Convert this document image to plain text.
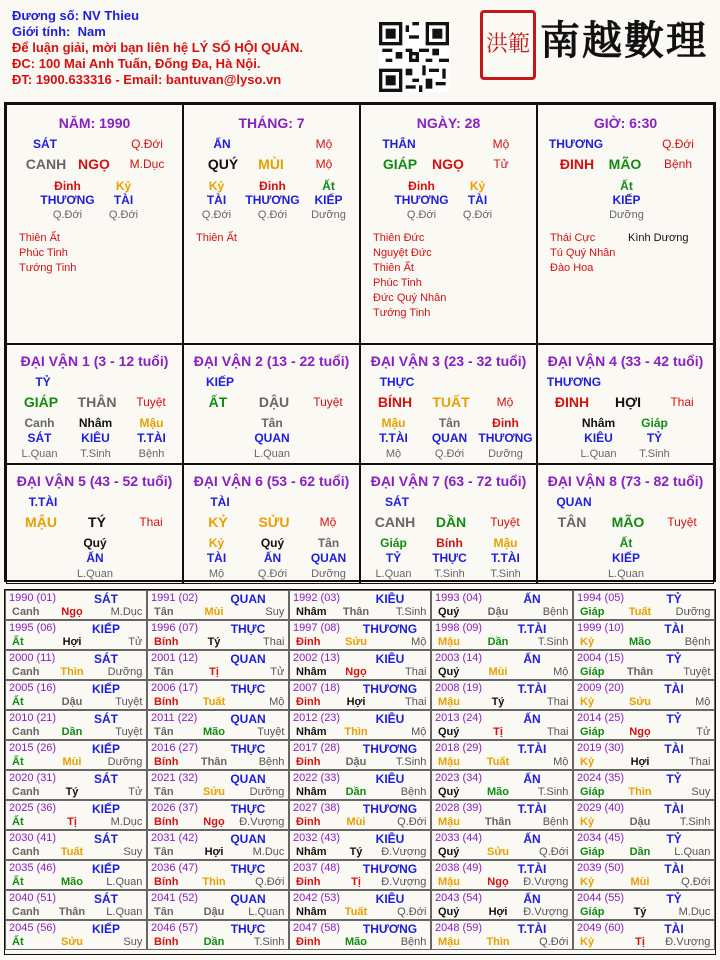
Đương số: NV Thieu
Giới tính: Nam
Để luận giải, mời bạn liên hệ LÝ SỐ HỘI QUÁN.
ĐC: 100 Mai Anh Tuấn, Đống Đa, Hà Nội.
ĐT: 1900.633316 - Email: bantuvan@lyso.vn
洪範 南越數理
NĂM: 1990
SÁT	Q.Đới
CANH NGỌ	M.Dục
Đinh
THƯƠNG
Q.Đới
Kỷ
TÀI
Q.Đới
Thiên Ất
Phúc Tinh
Tướng Tinh
THÁNG: 7
ẤN	Mộ
QUÝ	MÙI	Mộ
Kỷ
TÀI
Q.Đới
Đinh
THƯƠNG
Q.Đới
Ất
KIẾP
Dưỡng
Thiên Ất
NGÀY: 28
THÂN	Mộ
GIÁP	NGỌ	Tử
Đinh
THƯƠNG
Q.Đới
Kỷ
TÀI
Q.Đới
Thiên Đức
Nguyệt Đức
Thiên Ất
Phúc Tinh
Đức Quý Nhân
Tướng Tinh
GIỜ: 6:30
THƯƠNG	Q.Đới
ĐINH	MÃO	Bệnh
Ất
KIẾP
Dưỡng
Thái Cực
Tú Quý Nhân
Đào Hoa
Kình Dương
ĐẠI VẬN 1 (3 - 12 tuổi)
TỶ
GIÁP	THÂN	Tuyệt
Canh
SÁT
L.Quan
Nhâm
KIÊU
T.Sinh
Mậu
T.TÀI
Bệnh
ĐẠI VẬN 2 (13 - 22 tuổi)
KIẾP
ẤT	DẬU	Tuyệt
Tân
QUAN
L.Quan
ĐẠI VẬN 3 (23 - 32 tuổi)
THỰC
BÍNH	TUẤT	Mộ
Mậu
T.TÀI
Mộ
Tân
QUAN
Q.Đới
Đinh
THƯƠNG
Dưỡng
ĐẠI VẬN 4 (33 - 42 tuổi)
THƯƠNG
ĐINH	HỢI	Thai
Nhâm
KIÊU
L.Quan
Giáp
TỶ
T.Sinh
ĐẠI VẬN 5 (43 - 52 tuổi)
T.TÀI
MẬU	TÝ	Thai
Quý
ẤN
L.Quan
ĐẠI VẬN 6 (53 - 62 tuổi)
TÀI
KỶ	SỬU	Mộ
Kỷ
TÀI
Mộ
Quý
ẤN
Q.Đới
Tân
QUAN
Dưỡng
ĐẠI VẬN 7 (63 - 72 tuổi)
SÁT
CANH	DẦN	Tuyệt
Giáp
TỶ
L.Quan
Bính
THỰC
T.Sinh
Mậu
T.TÀI
T.Sinh
ĐẠI VẬN 8 (73 - 82 tuổi)
QUAN
TÂN	MÃO	Tuyệt
Ất
KIẾP
L.Quan
1990 (01)	SÁT
Canh	Ngọ	M.Dục
1991 (02)	QUAN
Tân	Mùi	Suy
1992 (03)	KIÊU
Nhâm	Thân	T.Sinh
1993 (04)	ẤN
Quý	Dậu	Bệnh
1994 (05)	TỶ
Giáp	Tuất	Dưỡng
1995 (06)	KIẾP
Ất	Hợi	Tử
1996 (07)	THỰC
Bính	Tý	Thai
1997 (08) THƯƠNG
Đinh	Sửu	Mộ
1998 (09)	T.TÀI
Mậu	Dần	T.Sinh
1999 (10)	TÀI
Kỷ	Mão	Bệnh
2000 (11)	SÁT
Canh	Thìn	Dưỡng
2001 (12)	QUAN
Tân	Tị	Tử
2002 (13)	KIÊU
Nhâm	Ngọ	Thai
2003 (14)	ẤN
Quý	Mùi	Mộ
2004 (15)	TỶ
Giáp	Thân	Tuyệt
2005 (16)	KIẾP
Ất	Dậu	Tuyệt
2006 (17)	THỰC
Bính	Tuất	Mộ
2007 (18) THƯƠNG
Đinh	Hợi	Thai
2008 (19)	T.TÀI
Mậu	Tý	Thai
2009 (20)	TÀI
Kỷ	Sửu	Mộ
2010 (21)	SÁT
Canh	Dần	Tuyệt
2011 (22)	QUAN
Tân	Mão	Tuyệt
2012 (23)	KIÊU
Nhâm	Thìn	Mộ
2013 (24)	ẤN
Quý	Tị	Thai
2014 (25)	TỶ
Giáp	Ngọ	Tử
2015 (26)	KIẾP
Ất	Mùi	Dưỡng
2016 (27)	THỰC
Bính	Thân	Bệnh
2017 (28) THƯƠNG
Đinh	Dậu	T.Sinh
2018 (29)	T.TÀI
Mậu	Tuất	Mộ
2019 (30)	TÀI
Kỷ	Hợi	Thai
2020 (31)	SÁT
Canh	Tý	Tử
2021 (32)	QUAN
Tân	Sửu	Dưỡng
2022 (33)	KIÊU
Nhâm	Dần	Bệnh
2023 (34)	ẤN
Quý	Mão	T.Sinh
2024 (35)	TỶ
Giáp	Thìn	Suy
2025 (36)	KIẾP
Ất	Tị	M.Dục
2026 (37)	THỰC
Bính	Ngọ	Đ.Vượng
2027 (38) THƯƠNG
Đinh	Mùi	Q.Đới
2028 (39)	T.TÀI
Mậu	Thân	Bệnh
2029 (40)	TÀI
Kỷ	Dậu	T.Sinh
2030 (41)	SÁT
Canh	Tuất	Suy
2031 (42)	QUAN
Tân	Hợi	M.Dục
2032 (43)	KIÊU
Nhâm	Tý	Đ.Vượng
2033 (44)	ẤN
Quý	Sửu	Q.Đới
2034 (45)	TỶ
Giáp	Dần	L.Quan
2035 (46)	KIẾP
Ất	Mão	L.Quan
2036 (47)	THỰC
Bính	Thìn	Q.Đới
2037 (48) THƯƠNG
Đinh	Tị	Đ.Vượng
2038 (49)	T.TÀI
Mậu	Ngọ	Đ.Vượng
2039 (50)	TÀI
Kỷ	Mùi	Q.Đới
2040 (51)	SÁT
Canh	Thân	L.Quan
2041 (52)	QUAN
Tân	Dậu	L.Quan
2042 (53)	KIÊU
Nhâm	Tuất	Q.Đới
2043 (54)	ẤN
Quý	Hợi	Đ.Vượng
2044 (55)	TỶ
Giáp	Tý	M.Dục
2045 (56)	KIẾP
Ất	Sửu	Suy
2046 (57)	THỰC
Bính	Dần	T.Sinh
2047 (58) THƯƠNG
Đinh	Mão	Bệnh
2048 (59)	T.TÀI
Mậu	Thìn	Q.Đới
2049 (60)	TÀI
Kỷ	Tị	Đ.Vượng
